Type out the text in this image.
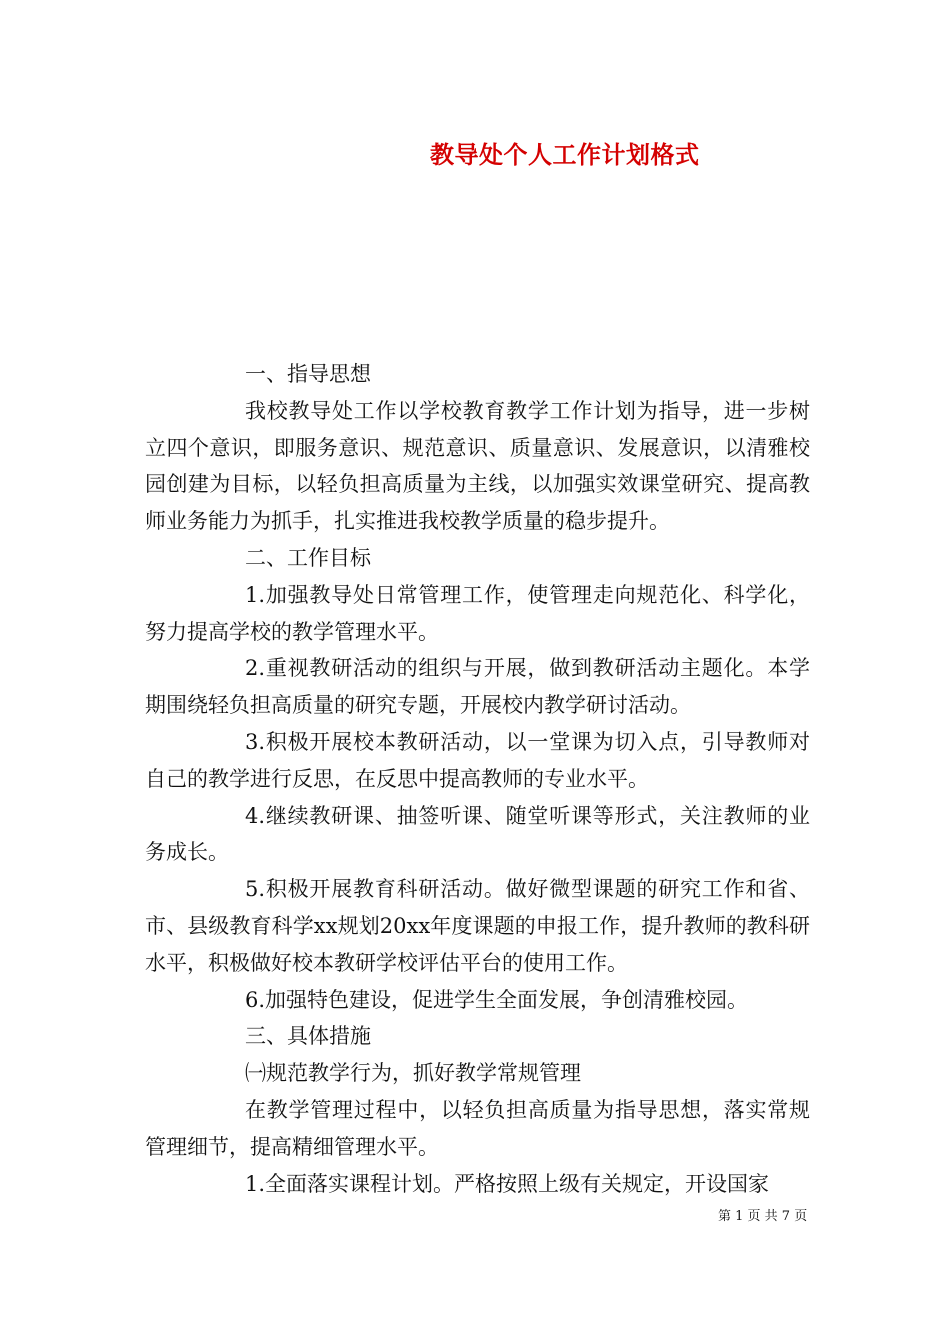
教导处个人工作计划格式

一、指导思想

我校教导处工作以学校教育教学工作计划为指导，进一步树立四个意识，即服务意识、规范意识、质量意识、发展意识，以清雅校园创建为目标，以轻负担高质量为主线，以加强实效课堂研究、提高教师业务能力为抓手，扎实推进我校教学质量的稳步提升。

二、工作目标

1.加强教导处日常管理工作，使管理走向规范化、科学化，努力提高学校的教学管理水平。

2.重视教研活动的组织与开展，做到教研活动主题化。本学期围绕轻负担高质量的研究专题，开展校内教学研讨活动。

3.积极开展校本教研活动，以一堂课为切入点，引导教师对自己的教学进行反思，在反思中提高教师的专业水平。

4.继续教研课、抽签听课、随堂听课等形式，关注教师的业务成长。

5.积极开展教育科研活动。做好微型课题的研究工作和省、市、县级教育科学xx规划20xx年度课题的申报工作，提升教师的教科研水平，积极做好校本教研学校评估平台的使用工作。

6.加强特色建设，促进学生全面发展，争创清雅校园。

三、具体措施

㈠规范教学行为，抓好教学常规管理

在教学管理过程中，以轻负担高质量为指导思想，落实常规管理细节，提高精细管理水平。

1.全面落实课程计划。严格按照上级有关规定，开设国家

第 1 页 共 7 页
